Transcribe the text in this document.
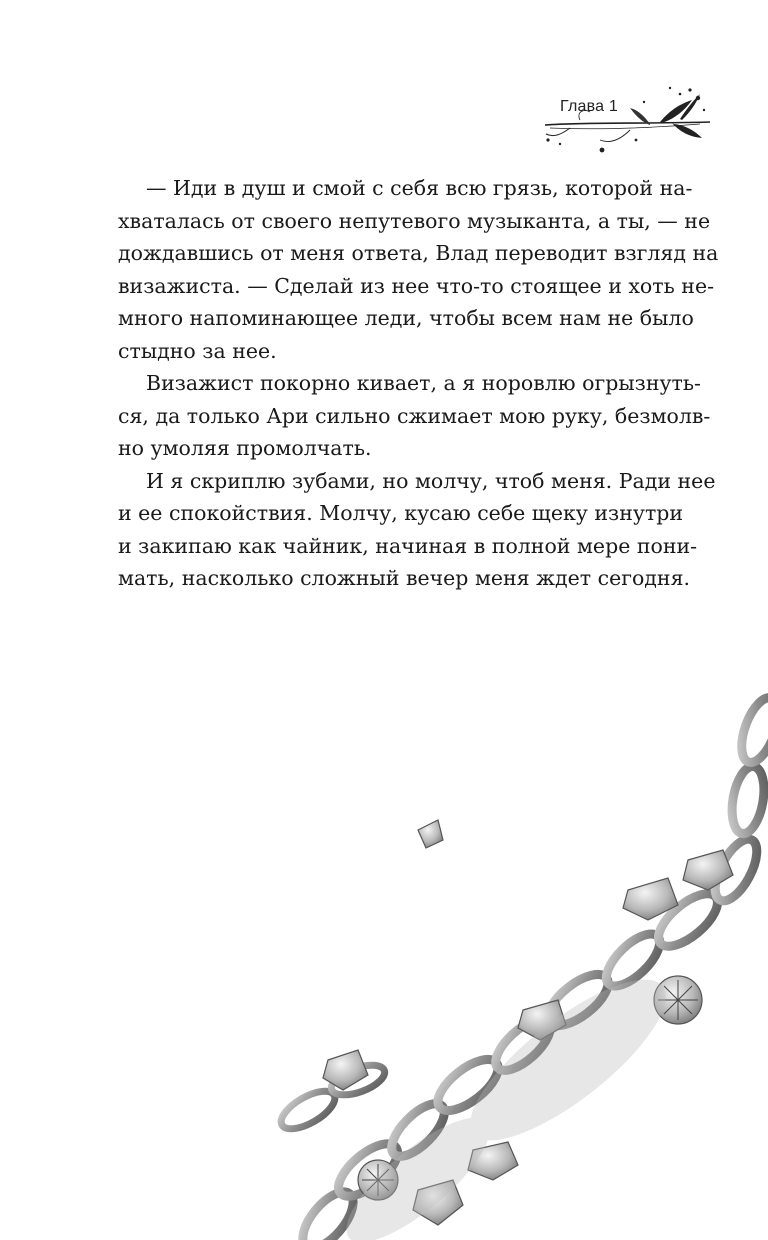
Глава 1

— Иди в душ и смой с себя всю грязь, которой на-
хваталась от своего непутевого музыканта, а ты, — не
дождавшись от меня ответа, Влад переводит взгляд на
визажиста. — Сделай из нее что-то стоящее и хоть не-
много напоминающее леди, чтобы всем нам не было
стыдно за нее.

Визажист покорно кивает, а я норовлю огрызнуть-
ся, да только Ари сильно сжимает мою руку, безмолв-
но умоляя промолчать.

И я скриплю зубами, но молчу, чтоб меня. Ради нее
и ее спокойствия. Молчу, кусаю себе щеку изнутри
и закипаю как чайник, начиная в полной мере пони-
мать, насколько сложный вечер меня ждет сегодня.
